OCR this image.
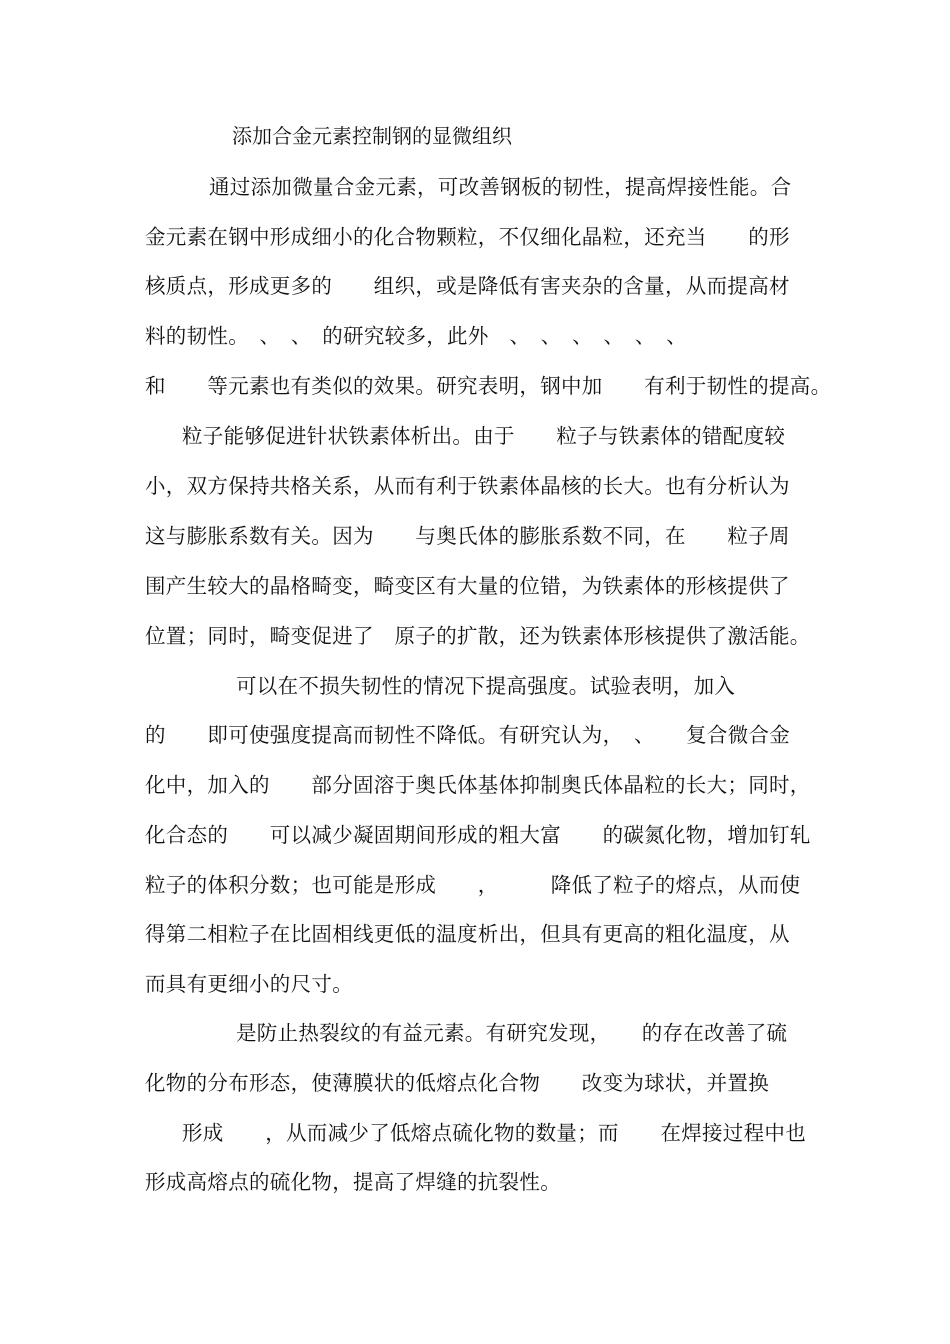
添加合金元素控制钢的显微组织
通过添加微量合金元素，可改善钢板的韧性，提高焊接性能。合
金元素在钢中形成细小的化合物颗粒，不仅细化晶粒，还充当　　的形
核质点，形成更多的　　组织，或是降低有害夹杂的含量，从而提高材
料的韧性。　、　、　的研究较多，此外　、　、　、　、　、　、
和　　等元素也有类似的效果。研究表明，钢中加　　有利于韧性的提高。
粒子能够促进针状铁素体析出。由于　　粒子与铁素体的错配度较
小，双方保持共格关系，从而有利于铁素体晶核的长大。也有分析认为
这与膨胀系数有关。因为　　与奥氏体的膨胀系数不同，在　　粒子周
围产生较大的晶格畸变，畸变区有大量的位错，为铁素体的形核提供了
位置；同时，畸变促进了　原子的扩散，还为铁素体形核提供了激活能。
可以在不损失韧性的情况下提高强度。试验表明，加入
的　　即可使强度提高而韧性不降低。有研究认为，　、　　复合微合金
化中，加入的　　部分固溶于奥氏体基体抑制奥氏体晶粒的长大；同时，
化合态的　　可以减少凝固期间形成的粗大富　　的碳氮化物，增加钉轧
粒子的体积分数；也可能是形成　　，　　　降低了粒子的熔点，从而使
得第二相粒子在比固相线更低的温度析出，但具有更高的粗化温度，从
而具有更细小的尺寸。
是防止热裂纹的有益元素。有研究发现，　　的存在改善了硫
化物的分布形态，使薄膜状的低熔点化合物　　改变为球状，并置换
形成　　，从而减少了低熔点硫化物的数量；而　　在焊接过程中也
形成高熔点的硫化物，提高了焊缝的抗裂性。
